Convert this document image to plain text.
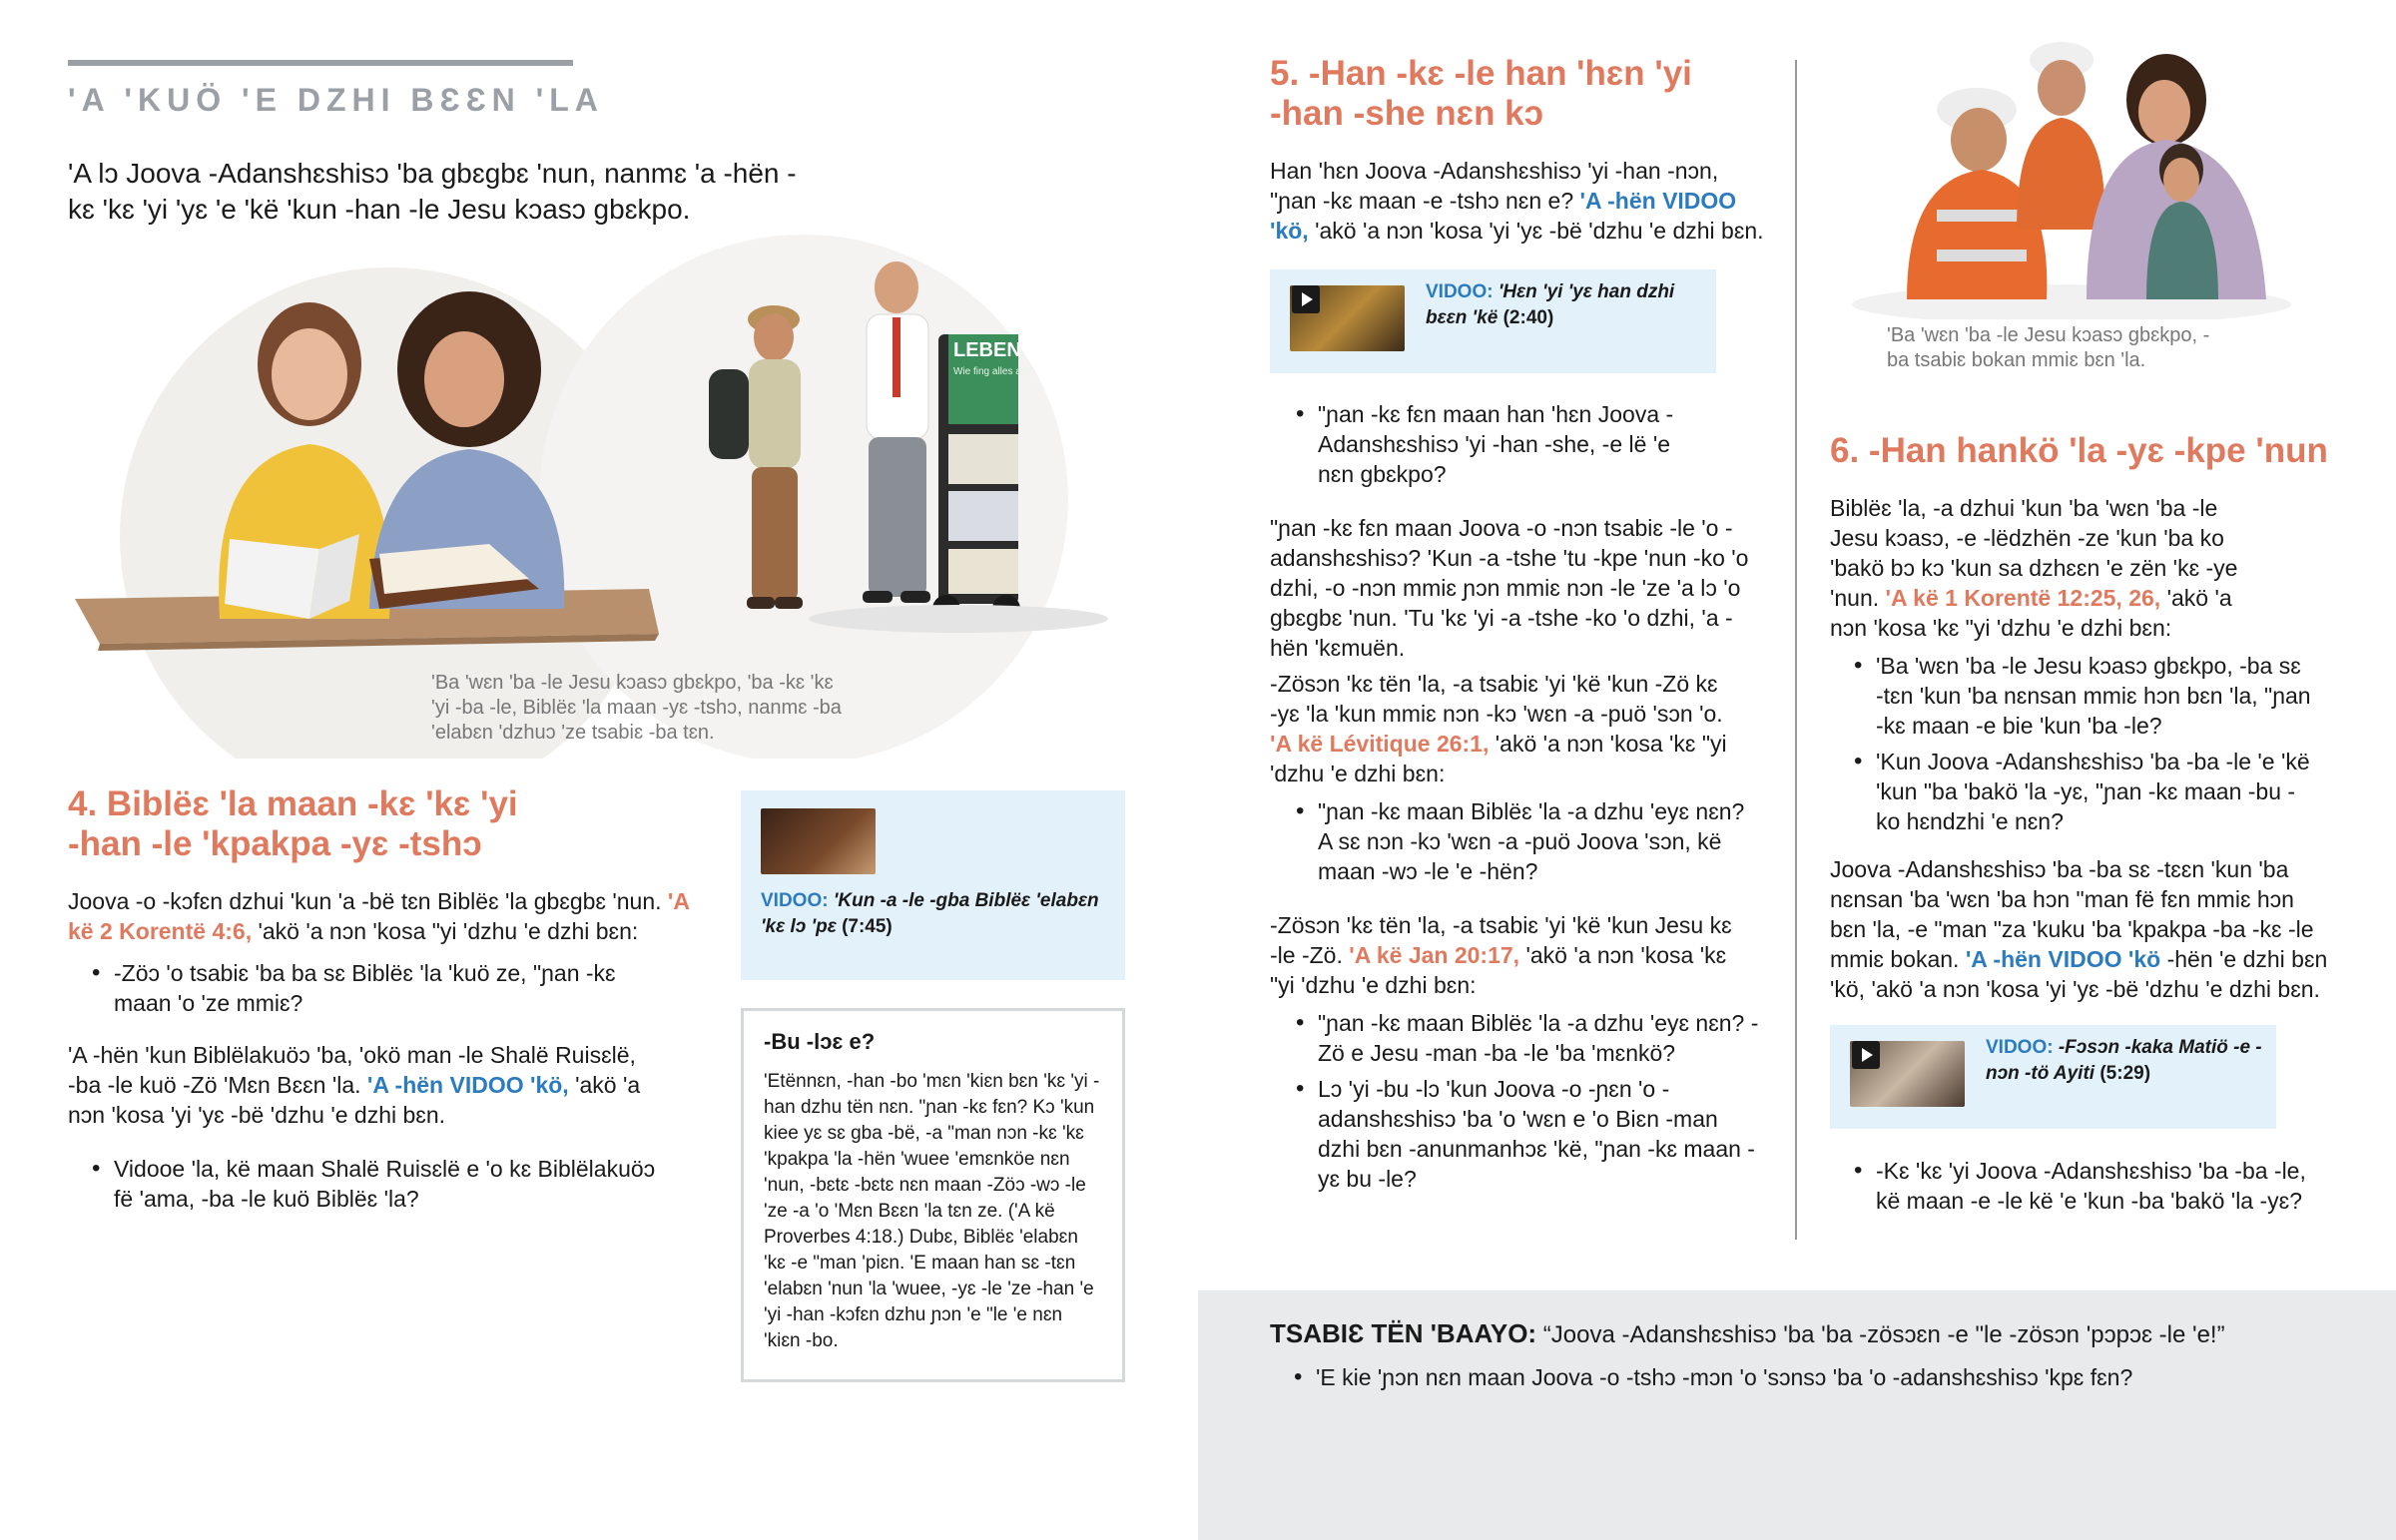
'A 'KUÖ 'E DZHI BƐƐN 'LA
'A lɔ Joova -Adanshɛshisɔ 'ba gbɛgbɛ 'nun, nanmɛ 'a -hën -kɛ 'kɛ 'yi 'yɛ 'e 'kë 'kun -han -le Jesu kɔasɔ gbɛkpo.
LEBEN
Wie fing alles an?
'Ba 'wɛn 'ba -le Jesu kɔasɔ gbɛkpo, 'ba -kɛ 'kɛ 'yi -ba -le, Biblëɛ 'la maan -yɛ -tshɔ, nanmɛ -ba 'elabɛn 'dzhuɔ 'ze tsabiɛ -ba tɛn.
4. Biblëɛ 'la maan -kɛ 'kɛ 'yi
-han -le 'kpakpa -yɛ -tshɔ
Joova -o -kɔfɛn dzhui 'kun 'a -bë tɛn Biblëɛ 'la gbɛgbɛ 'nun. 'A kë 2 Korentë 4:6, 'akö 'a nɔn 'kosa "yi 'dzhu 'e dzhi bɛn:
• -Zöɔ 'o tsabiɛ 'ba ba sɛ Biblëɛ 'la 'kuö ze, "ɲan -kɛ maan 'o 'ze mmiɛ?
'A -hën 'kun Biblëlakuöɔ 'ba, 'okö man -le Shalë Ruisɛlë, -ba -le kuö -Zö 'Mɛn Bɛɛn 'la. 'A -hën VIDOO 'kö, 'akö 'a nɔn 'kosa 'yi 'yɛ -bë 'dzhu 'e dzhi bɛn.
• Vidooe 'la, kë maan Shalë Ruisɛlë e 'o kɛ Biblëlakuöɔ fë 'ama, -ba -le kuö Biblëɛ 'la?
VIDOO: 'Kun -a -le -gba Biblëɛ 'elabɛn 'kɛ lɔ 'pɛ (7:45)
-Bu -lɔɛ e?
'Etënnɛn, -han -bo 'mɛn 'kiɛn bɛn 'kɛ 'yi -han dzhu tën nɛn. "ɲan -kɛ fɛn? Kɔ 'kun kiee yɛ sɛ gba -bë, -a "man nɔn -kɛ 'kɛ 'kpakpa 'la -hën 'wuee 'emɛnköe nɛn 'nun, -bɛtɛ -bɛtɛ nɛn maan -Zöɔ -wɔ -le 'ze -a 'o 'Mɛn Bɛɛn 'la tɛn ze. ('A kë Proverbes 4:18.) Dubɛ, Biblëɛ 'elabɛn 'kɛ -e "man 'piɛn. 'E maan han sɛ -tɛn 'elabɛn 'nun 'la 'wuee, -yɛ -le 'ze -han 'e 'yi -han -kɔfɛn dzhu ɲɔn 'e "le 'e nɛn 'kiɛn -bo.
5. -Han -kɛ -le han 'hɛn 'yi
-han -she nɛn kɔ
Han 'hɛn Joova -Adanshɛshisɔ 'yi -han -nɔn, "ɲan -kɛ maan -e -tshɔ nɛn e? 'A -hën VIDOO 'kö, 'akö 'a nɔn 'kosa 'yi 'yɛ -bë 'dzhu 'e dzhi bɛn.
VIDOO: 'Hɛn 'yi 'yɛ han dzhi bɛɛn 'kë (2:40)
• "ɲan -kɛ fɛn maan han 'hɛn Joova -Adanshɛshisɔ 'yi -han -she, -e lë 'e nɛn gbɛkpo?
"ɲan -kɛ fɛn maan Joova -o -nɔn tsabiɛ -le 'o -adanshɛshisɔ? 'Kun -a -tshe 'tu -kpe 'nun -ko 'o dzhi, -o -nɔn mmiɛ ɲɔn mmiɛ nɔn -le 'ze 'a lɔ 'o gbɛgbɛ 'nun. 'Tu 'kɛ 'yi -a -tshe -ko 'o dzhi, 'a -hën 'kɛmuën.
-Zösɔn 'kɛ tën 'la, -a tsabiɛ 'yi 'kë 'kun -Zö kɛ -yɛ 'la 'kun mmiɛ nɔn -kɔ 'wɛn -a -puö 'sɔn 'o. 'A kë Lévitique 26:1, 'akö 'a nɔn 'kosa 'kɛ "yi 'dzhu 'e dzhi bɛn:
• "ɲan -kɛ maan Biblëɛ 'la -a dzhu 'eyɛ nɛn? A sɛ nɔn -kɔ 'wɛn -a -puö Joova 'sɔn, kë maan -wɔ -le 'e -hën?
-Zösɔn 'kɛ tën 'la, -a tsabiɛ 'yi 'kë 'kun Jesu kɛ -le -Zö. 'A kë Jan 20:17, 'akö 'a nɔn 'kosa 'kɛ "yi 'dzhu 'e dzhi bɛn:
• "ɲan -kɛ maan Biblëɛ 'la -a dzhu 'eyɛ nɛn? -Zö e Jesu -man -ba -le 'ba 'mɛnkö?
• Lɔ 'yi -bu -lɔ 'kun Joova -o -ɲɛn 'o -adanshɛshisɔ 'ba 'o 'wɛn e 'o Biɛn -man dzhi bɛn -anunmanhɔɛ 'kë, "ɲan -kɛ maan -yɛ bu -le?
'Ba 'wɛn 'ba -le Jesu kɔasɔ gbɛkpo, -ba tsabiɛ bokan mmiɛ bɛn 'la.
6. -Han hankö 'la -yɛ -kpe 'nun
Biblëɛ 'la, -a dzhui 'kun 'ba 'wɛn 'ba -le Jesu kɔasɔ, -e -lëdzhën -ze 'kun 'ba ko 'bakö bɔ kɔ 'kun sa dzhɛɛn 'e zën 'kɛ -ye 'nun. 'A kë 1 Korentë 12:25, 26, 'akö 'a nɔn 'kosa 'kɛ "yi 'dzhu 'e dzhi bɛn:
• 'Ba 'wɛn 'ba -le Jesu kɔasɔ gbɛkpo, -ba sɛ -tɛn 'kun 'ba nɛnsan mmiɛ hɔn bɛn 'la, "ɲan -kɛ maan -e bie 'kun 'ba -le?
• 'Kun Joova -Adanshɛshisɔ 'ba -ba -le 'e 'kë 'kun "ba 'bakö 'la -yɛ, "ɲan -kɛ maan -bu -ko hɛndzhi 'e nɛn?
Joova -Adanshɛshisɔ 'ba -ba sɛ -tɛɛn 'kun 'ba nɛnsan 'ba 'wɛn 'ba hɔn "man fë fɛn mmiɛ hɔn bɛn 'la, -e "man "za 'kuku 'ba 'kpakpa -ba -kɛ -le mmiɛ bokan. 'A -hën VIDOO 'kö -hën 'e dzhi bɛn 'kö, 'akö 'a nɔn 'kosa 'yi 'yɛ -bë 'dzhu 'e dzhi bɛn.
VIDOO: -Fɔsɔn -kaka Matiö -e -nɔn -tö Ayiti (5:29)
• -Kɛ 'kɛ 'yi Joova -Adanshɛshisɔ 'ba -ba -le, kë maan -e -le kë 'e 'kun -ba 'bakö 'la -yɛ?
TSABIƐ TËN 'BAAYO: “Joova -Adanshɛshisɔ 'ba 'ba -zösɔɛn -e "le -zösɔn 'pɔpɔɛ -le 'e!”
• 'E kie 'ɲɔn nɛn maan Joova -o -tshɔ -mɔn 'o 'sɔnsɔ 'ba 'o -adanshɛshisɔ 'kpɛ fɛn?
